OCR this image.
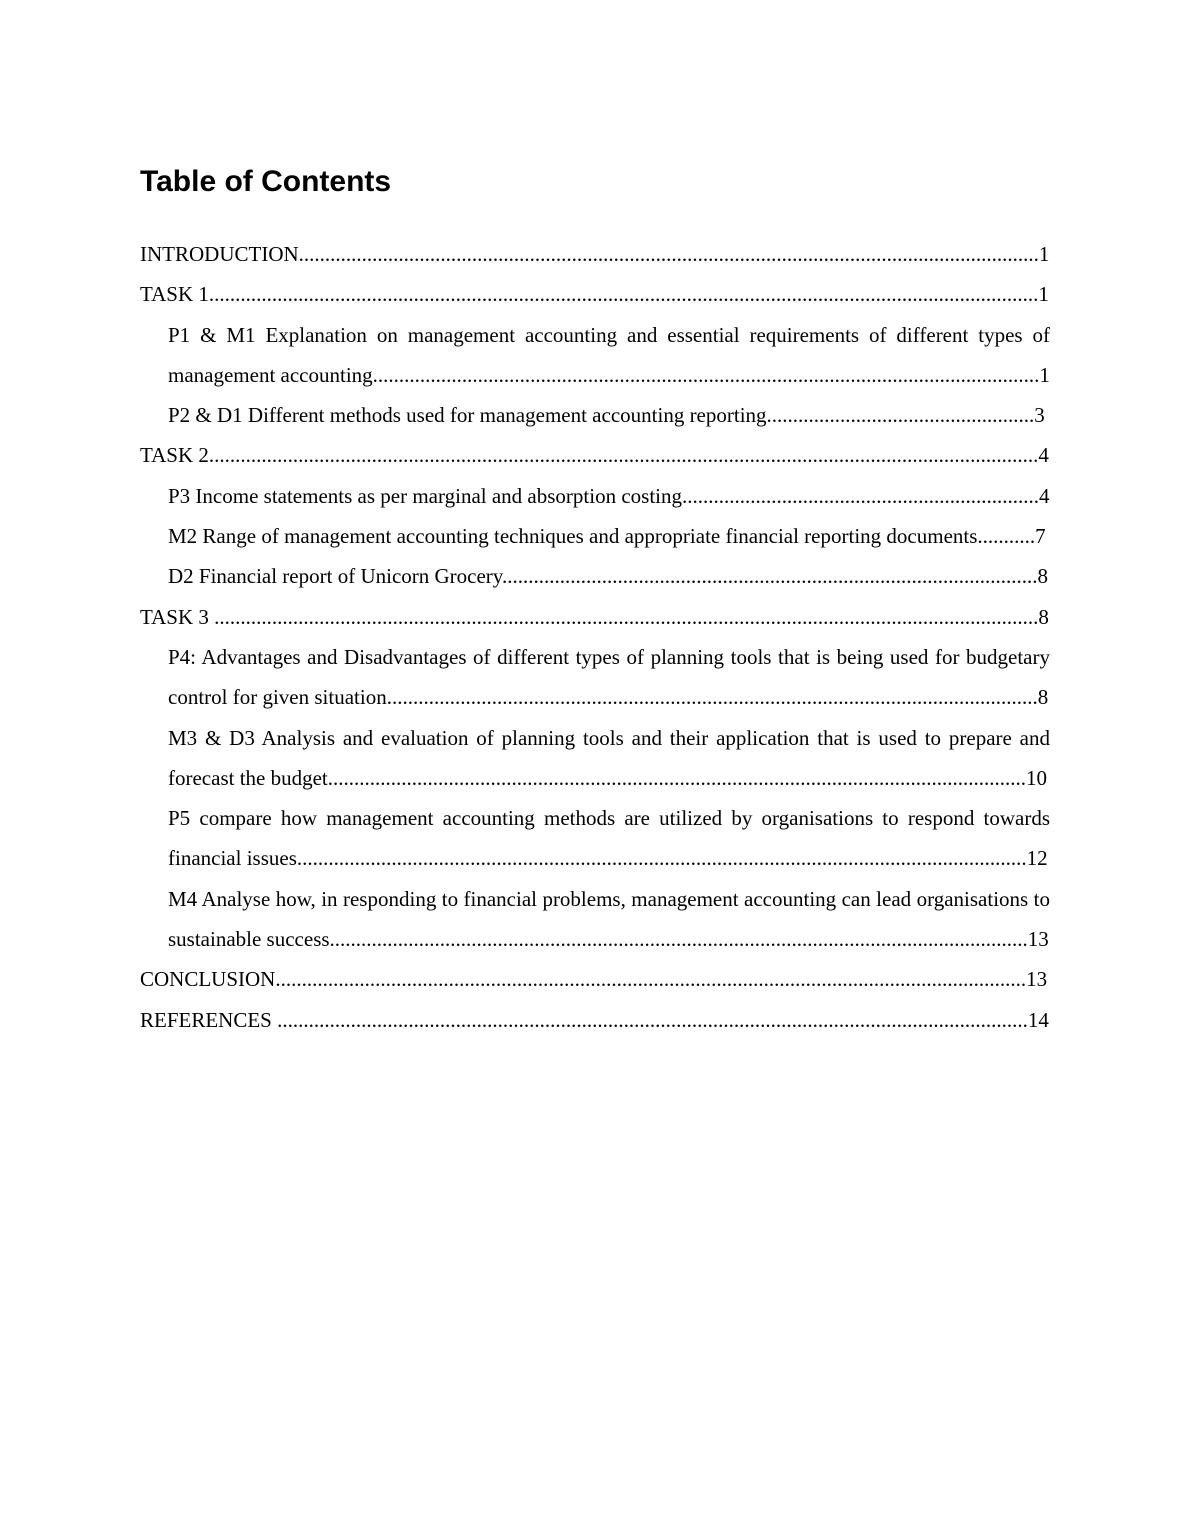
Table of Contents
INTRODUCTION.............................................................................................................................................1
TASK 1..............................................................................................................................................................1
P1 & M1 Explanation on management accounting and essential requirements of different types of management accounting...............................................................................................................................1
P2 & D1 Different methods used for management accounting reporting...................................................3
TASK 2..............................................................................................................................................................4
P3 Income statements as per marginal and absorption costing....................................................................4
M2 Range of management accounting techniques and appropriate financial reporting documents...........7
D2 Financial report of Unicorn Grocery......................................................................................................8
TASK 3 .............................................................................................................................................................8
P4: Advantages and Disadvantages of different types of planning tools that is being used for budgetary control for given situation............................................................................................................................8
M3 & D3 Analysis and evaluation of planning tools and their application that is used to prepare and forecast the budget.....................................................................................................................................10
P5 compare how management accounting methods are utilized by organisations to respond towards financial issues...........................................................................................................................................12
M4 Analyse how, in responding to financial problems, management accounting can lead organisations to sustainable success.....................................................................................................................................13
CONCLUSION...............................................................................................................................................13
REFERENCES ...............................................................................................................................................14
